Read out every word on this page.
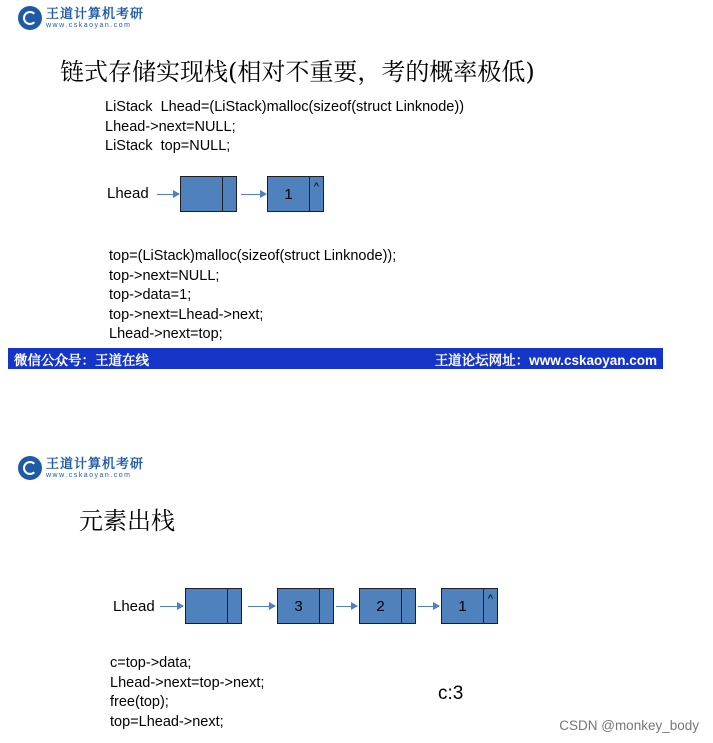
王道计算机考研
www.cskaoyan.com
链式存储实现栈(相对不重要，考的概率极低)
LiStack  Lhead=(LiStack)malloc(sizeof(struct Linknode))
Lhead->next=NULL;
LiStack  top=NULL;
Lhead	1	^
top=(LiStack)malloc(sizeof(struct Linknode));
top->next=NULL;
top->data=1;
top->next=Lhead->next;
Lhead->next=top;
微信公众号：王道在线	王道论坛网址：www.cskaoyan.com
王道计算机考研
www.cskaoyan.com
元素出栈
Lhead	3	2	1	^
c=top->data;
Lhead->next=top->next;
free(top);
top=Lhead->next;
c:3
CSDN @monkey_body
